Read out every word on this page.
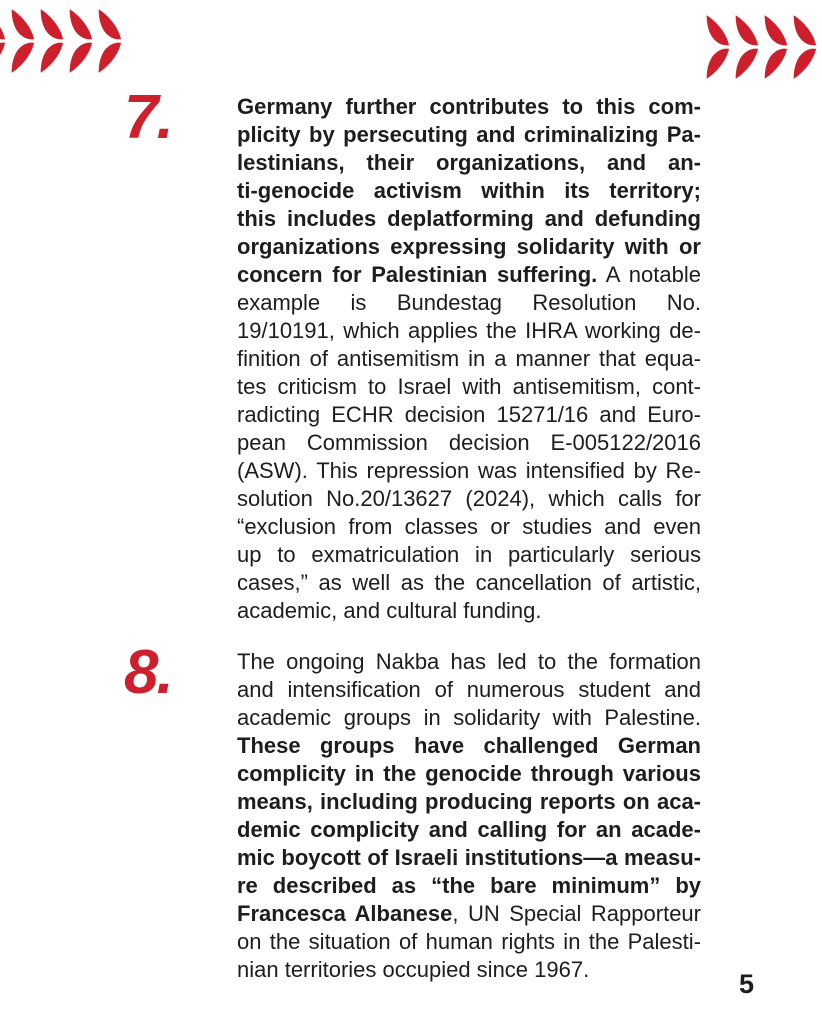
7.	Germany further contributes to this com-
plicity by persecuting and criminalizing Pa-
lestinians, their organizations, and an-
ti-genocide activism within its territory;
this includes deplatforming and defunding
organizations expressing solidarity with or
concern for Palestinian suffering. A notable
example is Bundestag Resolution No.
19/10191, which applies the IHRA working de-
finition of antisemitism in a manner that equa-
tes criticism to Israel with antisemitism, cont-
radicting ECHR decision 15271/16 and Euro-
pean Commission decision E-005122/2016
(ASW). This repression was intensified by Re-
solution No.20/13627 (2024), which calls for
“exclusion from classes or studies and even
up to exmatriculation in particularly serious
cases,” as well as the cancellation of artistic,
academic, and cultural funding.
8.	The ongoing Nakba has led to the formation
and intensification of numerous student and
academic groups in solidarity with Palestine.
These groups have challenged German
complicity in the genocide through various
means, including producing reports on aca-
demic complicity and calling for an acade-
mic boycott of Israeli institutions—a measu-
re described as “the bare minimum” by
Francesca Albanese, UN Special Rapporteur
on the situation of human rights in the Palesti-
nian territories occupied since 1967.	5
